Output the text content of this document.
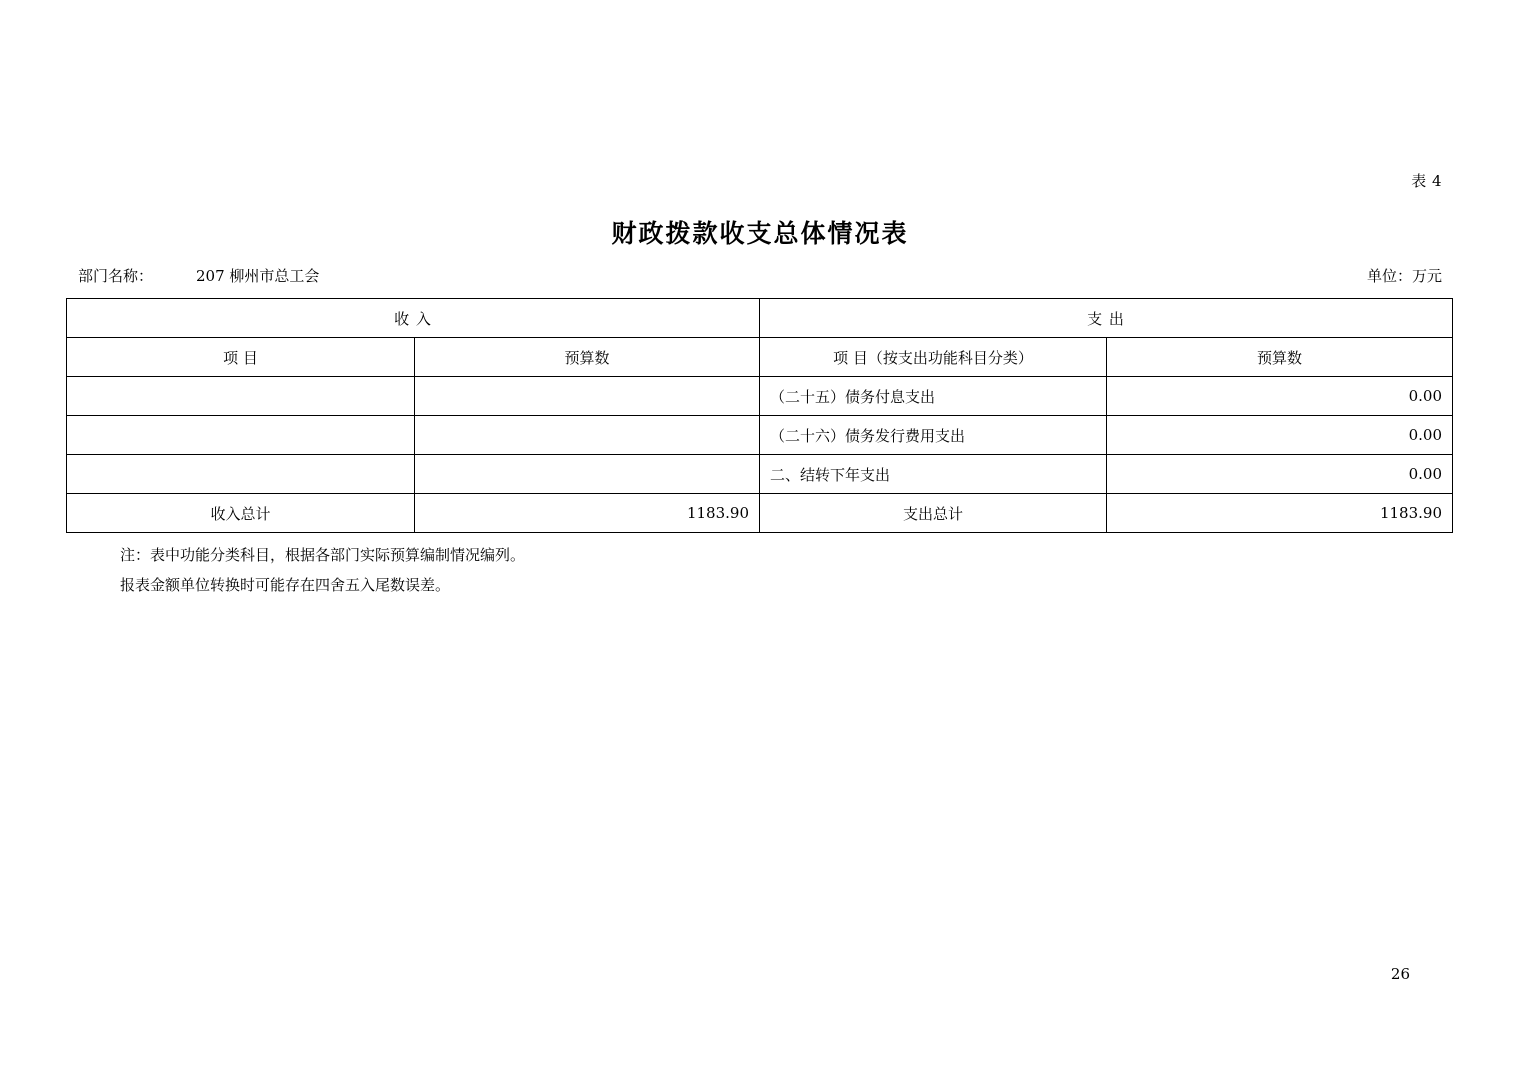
表 4
财政拨款收支总体情况表
部门名称：	207 柳州市总工会	单位：万元
收 入		支 出	
项 目	预算数	项 目（按支出功能科目分类）	预算数
		（二十五）债务付息支出	0.00
		（二十六）债务发行费用支出	0.00
		二、结转下年支出	0.00
收入总计	1183.90	支出总计	1183.90
注：表中功能分类科目，根据各部门实际预算编制情况编列。
报表金额单位转换时可能存在四舍五入尾数误差。
26
